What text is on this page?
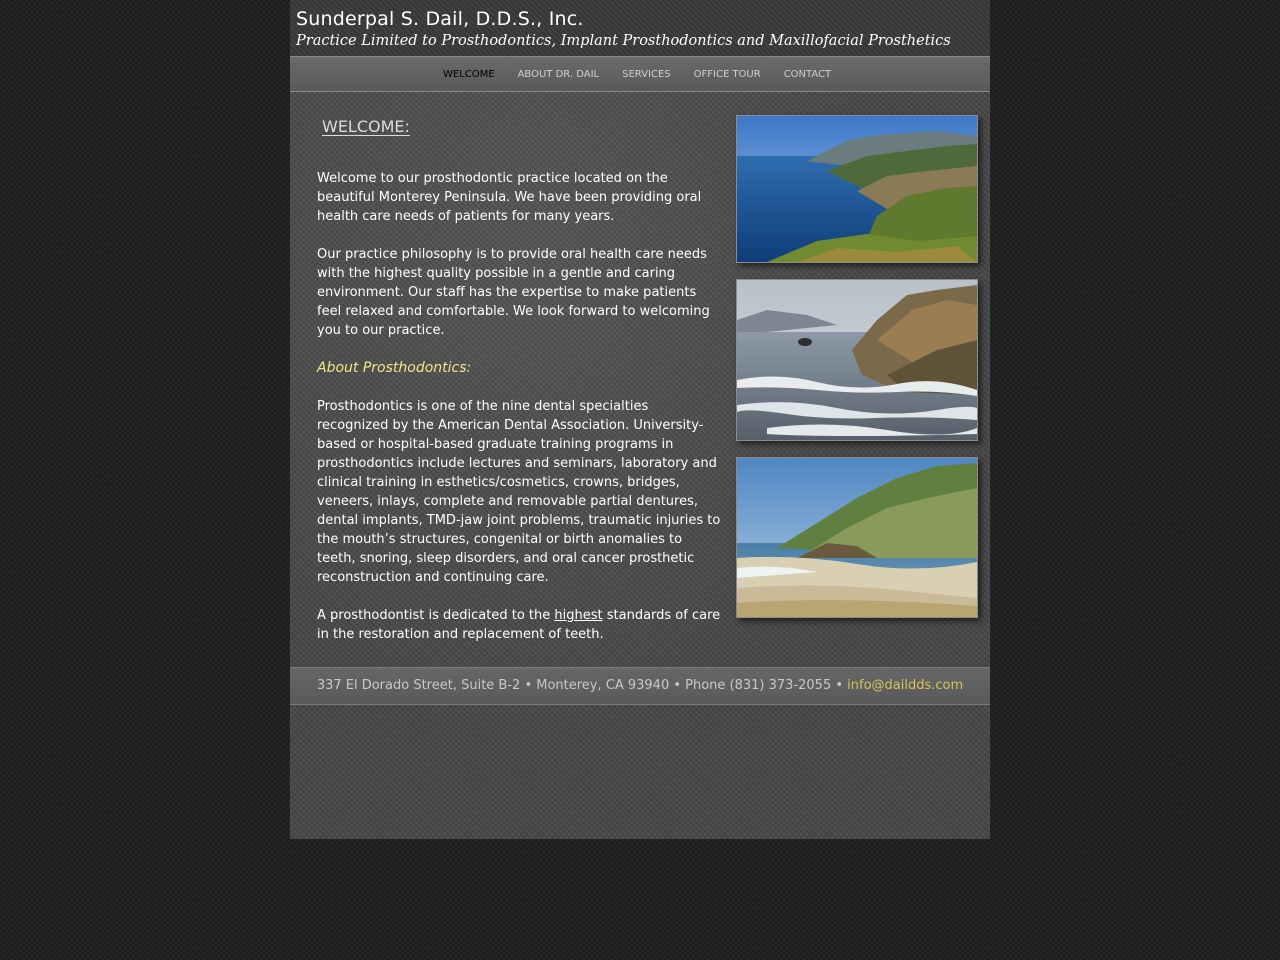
Sunderpal S. Dail, D.D.S., Inc.

Practice Limited to Prosthodontics, Implant Prosthodontics and Maxillofacial Prosthetics

WELCOME ABOUT DR. DAIL SERVICES OFFICE TOUR CONTACT
WELCOME:

Welcome to our prosthodontic practice located on the beautiful Monterey Peninsula. We have been providing oral health care needs of patients for many years.

Our practice philosophy is to provide oral health care needs with the highest quality possible in a gentle and caring environment. Our staff has the expertise to make patients feel relaxed and comfortable. We look forward to welcoming you to our practice.

About Prosthodontics:

Prosthodontics is one of the nine dental specialties recognized by the American Dental Association. University-based or hospital-based graduate training programs in prosthodontics include lectures and seminars, laboratory and clinical training in esthetics/cosmetics, crowns, bridges, veneers, inlays, complete and removable partial dentures, dental implants, TMD-jaw joint problems, traumatic injuries to the mouth’s structures, congenital or birth anomalies to teeth, snoring, sleep disorders, and oral cancer prosthetic reconstruction and continuing care.

A prosthodontist is dedicated to the highest standards of care in the restoration and replacement of teeth.

337 El Dorado Street, Suite B-2 • Monterey, CA 93940 • Phone (831) 373-2055 • info@daildds.com
